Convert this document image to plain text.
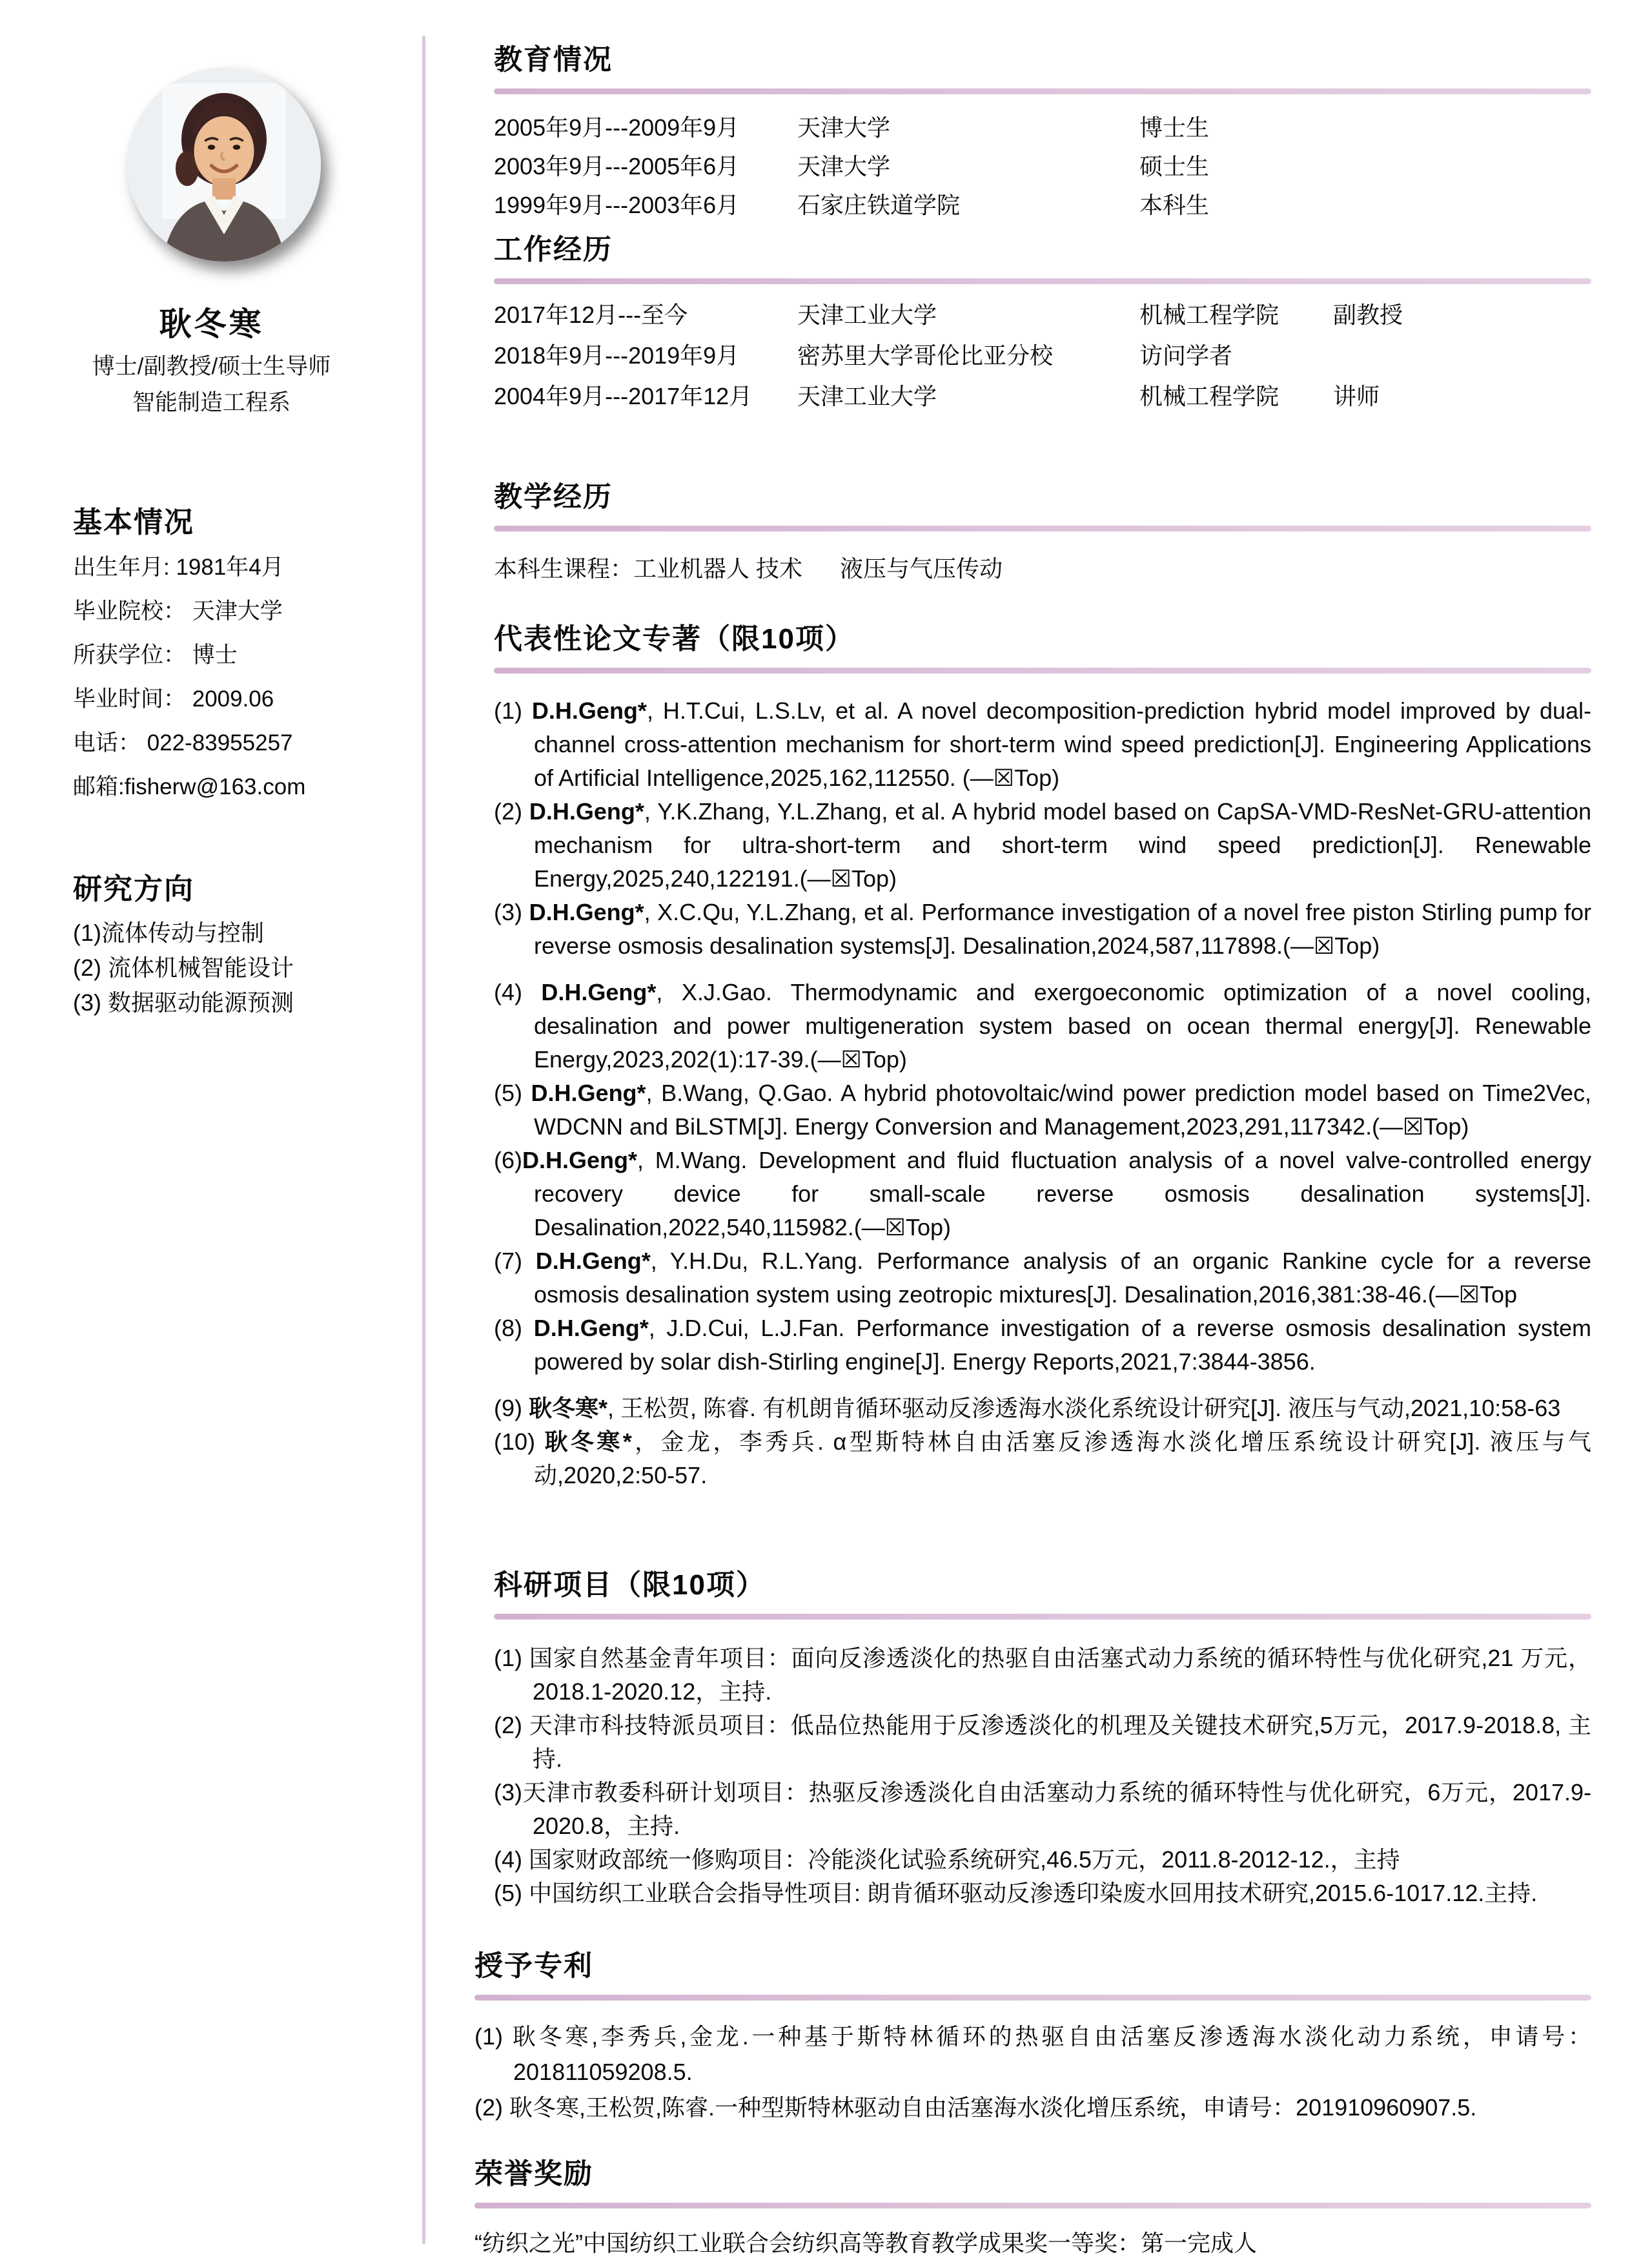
耿冬寒
博士/副教授/硕士生导师
智能制造工程系
基本情况
出生年月: 1981年4月
毕业院校： 天津大学
所获学位： 博士
毕业时间： 2009.06
电话： 022-83955257
邮箱:fisherw@163.com
研究方向
(1)流体传动与控制
(2) 流体机械智能设计
(3) 数据驱动能源预测
教育情况
2005年9月---2009年9月	天津大学	博士生
2003年9月---2005年6月	天津大学	硕士生
1999年9月---2003年6月	石家庄铁道学院	本科生
工作经历
2017年12月---至今	天津工业大学	机械工程学院	副教授
2018年9月---2019年9月	密苏里大学哥伦比亚分校	访问学者
2004年9月---2017年12月	天津工业大学	机械工程学院	讲师
教学经历
本科生课程：工业机器人 技术 液压与气压传动
代表性论文专著（限10项）
(1) D.H.Geng*, H.T.Cui, L.S.Lv, et al. A novel decomposition-prediction hybrid model improved by dual-channel cross-attention mechanism for short-term wind speed prediction[J]. Engineering Applications of Artificial Intelligence,2025,162,112550. (—☒Top)
(2) D.H.Geng*, Y.K.Zhang, Y.L.Zhang, et al. A hybrid model based on CapSA-VMD-ResNet-GRU-attention mechanism for ultra-short-term and short-term wind speed prediction[J]. Renewable Energy,2025,240,122191.(—☒Top)
(3) D.H.Geng*, X.C.Qu, Y.L.Zhang, et al. Performance investigation of a novel free piston Stirling pump for reverse osmosis desalination systems[J]. Desalination,2024,587,117898.(—☒Top)
(4) D.H.Geng*, X.J.Gao. Thermodynamic and exergoeconomic optimization of a novel cooling, desalination and power multigeneration system based on ocean thermal energy[J]. Renewable Energy,2023,202(1):17-39.(—☒Top)
(5) D.H.Geng*, B.Wang, Q.Gao. A hybrid photovoltaic/wind power prediction model based on Time2Vec, WDCNN and BiLSTM[J]. Energy Conversion and Management,2023,291,117342.(—☒Top)
(6)D.H.Geng*, M.Wang. Development and fluid fluctuation analysis of a novel valve-controlled energy recovery device for small-scale reverse osmosis desalination systems[J]. Desalination,2022,540,115982.(—☒Top)
(7) D.H.Geng*, Y.H.Du, R.L.Yang. Performance analysis of an organic Rankine cycle for a reverse osmosis desalination system using zeotropic mixtures[J]. Desalination,2016,381:38-46.(—☒Top
(8) D.H.Geng*, J.D.Cui, L.J.Fan. Performance investigation of a reverse osmosis desalination system powered by solar dish-Stirling engine[J]. Energy Reports,2021,7:3844-3856.
(9) 耿冬寒*, 王松贺, 陈睿. 有机朗肯循环驱动反渗透海水淡化系统设计研究[J]. 液压与气动,2021,10:58-63
(10) 耿冬寒*，金龙，李秀兵. α型斯特林自由活塞反渗透海水淡化增压系统设计研究[J]. 液压与气动,2020,2:50-57.
科研项目（限10项）
(1) 国家自然基金青年项目：面向反渗透淡化的热驱自由活塞式动力系统的循环特性与优化研究,21 万元，2018.1-2020.12，主持.
(2) 天津市科技特派员项目：低品位热能用于反渗透淡化的机理及关键技术研究,5万元，2017.9-2018.8, 主持.
(3)天津市教委科研计划项目：热驱反渗透淡化自由活塞动力系统的循环特性与优化研究，6万元，2017.9-2020.8，主持.
(4) 国家财政部统一修购项目：冷能淡化试验系统研究,46.5万元，2011.8-2012-12.，主持
(5) 中国纺织工业联合会指导性项目: 朗肯循环驱动反渗透印染废水回用技术研究,2015.6-1017.12.主持.
授予专利
(1) 耿冬寒,李秀兵,金龙.一种基于斯特林循环的热驱自由活塞反渗透海水淡化动力系统，申请号：201811059208.5.
(2) 耿冬寒,王松贺,陈睿.一种型斯特林驱动自由活塞海水淡化增压系统，申请号：201910960907.5.
荣誉奖励
“纺织之光”中国纺织工业联合会纺织高等教育教学成果奖一等奖：第一完成人
